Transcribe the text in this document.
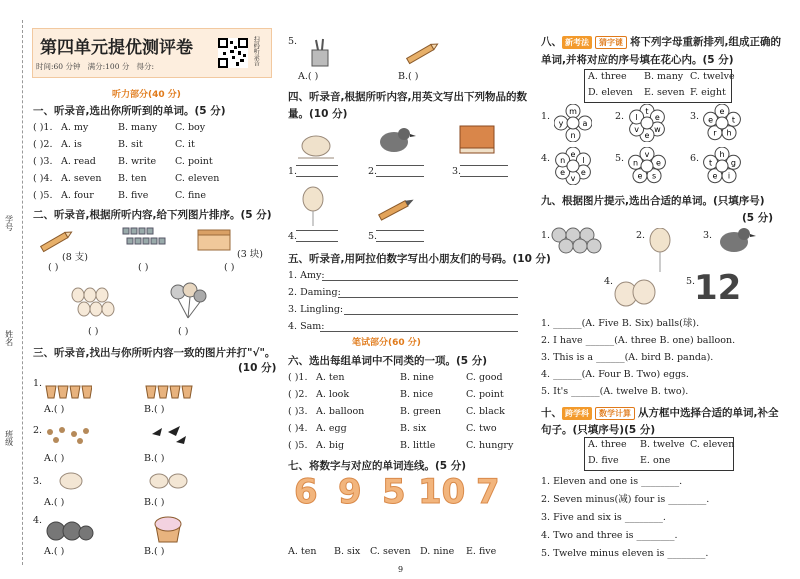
学号
姓名
班级
第四单元提优测评卷
时间:60 分钟 满分:100 分 得分:
扫码听录音
听力部分(40 分)
一、听录音,选出你所听到的单词。(5 分)
( )1. A. my	B. many C. boy
( )2. A. is	B. sit	C. it
( )3. A. read B. write C. point
( )4. A. seven B. ten	C. eleven
( )5. A. four	B. five	C. fine
二、听录音,根据所听内容,给下列图片排序。(5 分)
(8 支)	(3 块)
( )	( )	( )
( )	( )
三、听录音,找出与你所听内容一致的图片并打"√"。
(10 分)
1.
A.( )	B.( )
2.
A.( )	B.( )
3.
A.( )	B.( )
4.
A.( )	B.( )
5.
A.( )	B.( )
四、听录音,根据所听内容,用英文写出下列物品的数
量。(10 分)
1.	2.	3.
4.	5.
五、听录音,用阿拉伯数字写出小朋友们的号码。(10 分)
1. Amy:
2. Daming:
3. Lingling:
4. Sam:
笔试部分(60 分)
六、选出每组单词中不同类的一项。(5 分)
( )1. A. ten	B. nine	C. good
( )2. A. look	B. nice	C. point
( )3. A. balloon	B. green	C. black
( )4. A. egg	B. six	C. two
( )5. A. big	B. little	C. hungry
七、将数字与对应的单词连线。(5 分)
6 9 5 10 7
A. ten B. six C. seven D. nine E. five
9
八、 新考法 猜字谜 将下列字母重新排列,组成正确的
单词,并将对应的序号填在花心内。(5 分)
A. three B. many C. twelve
D. eleven E. seven F. eight
1. m
a
n
y
2.	t
e
w
e
v
l	3.	e
t
h
r
e
4.	e
l
e
v
e
n	5.	v
e
s
e
n	6.	h
g
i
e
t
九、根据图片提示,选出合适的单词。(只填序号)
(5 分)
1.	2.	3.
4.	5.
12
1. ______(A. Five B. Six) balls(球).
2. I have ______(A. three B. one) balloon.
3. This is a ______(A. bird B. panda).
4. ______(A. Four B. Two) eggs.
5. It's ______(A. twelve B. two).
十、 跨学科 数学计算 从方框中选择合适的单词,补全
句子。(只填序号)(5 分)
A. three B. twelve C. eleven
D. five E. one
1. Eleven and one is ________.
2. Seven minus(减) four is ________.
3. Five and six is ________.
4. Two and three is ________.
5. Twelve minus eleven is ________.
